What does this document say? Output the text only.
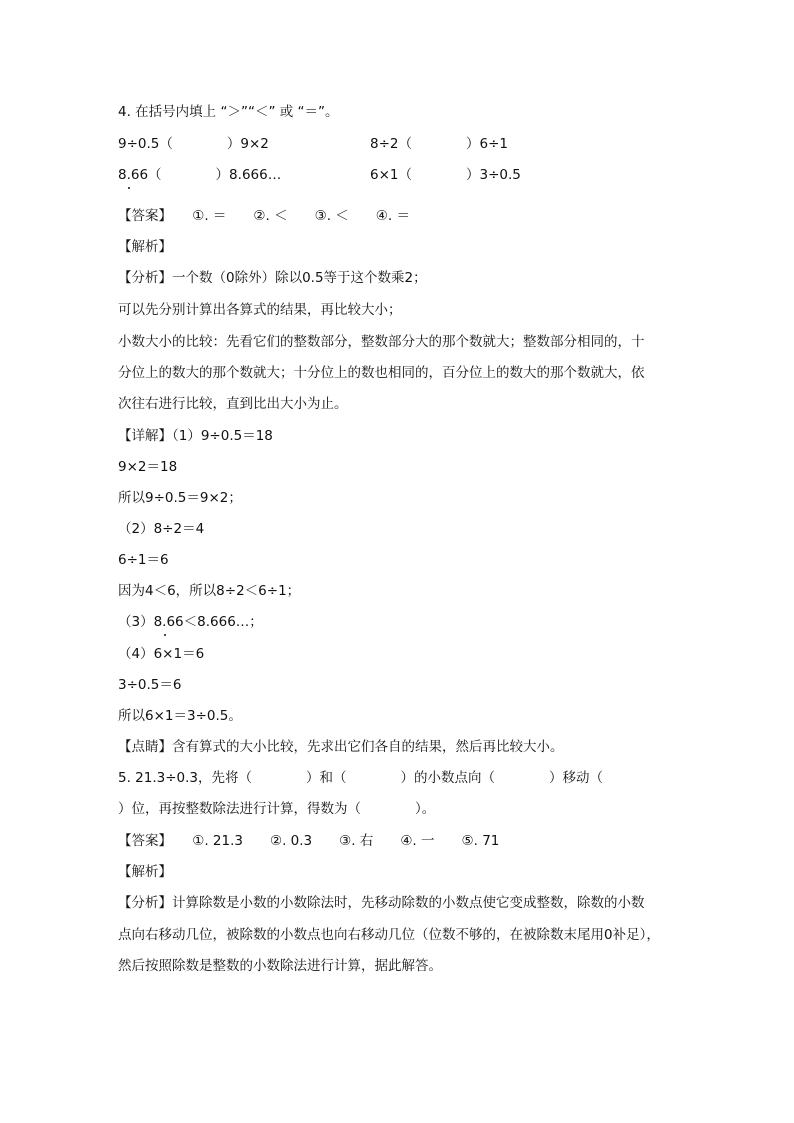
4. 在括号内填上 “＞”“＜” 或 “＝”。
9÷0.5（　　　　）9×2	8÷2（　　　　）6÷1
8.66（　　　　）8.666…	6×1（　　　　）3÷0.5
【答案】　　①. ＝　　②. ＜　　③. ＜　　④. ＝
【解析】
【分析】一个数（0除外）除以0.5等于这个数乘2；
可以先分别计算出各算式的结果，再比较大小；
小数大小的比较：先看它们的整数部分，整数部分大的那个数就大；整数部分相同的，十
分位上的数大的那个数就大；十分位上的数也相同的，百分位上的数大的那个数就大，依
次往右进行比较，直到比出大小为止。
【详解】（1）9÷0.5＝18
9×2＝18
所以9÷0.5＝9×2；
（2）8÷2＝4
6÷1＝6
因为4＜6，所以8÷2＜6÷1；
（3）8.66＜8.666…；
（4）6×1＝6
3÷0.5＝6
所以6×1＝3÷0.5。
【点睛】含有算式的大小比较，先求出它们各自的结果，然后再比较大小。
5. 21.3÷0.3，先将（　　　　）和（　　　　）的小数点向（　　　　）移动（
）位，再按整数除法进行计算，得数为（　　　　）。
【答案】　　①. 21.3　　②. 0.3　　③. 右　　④. 一　　⑤. 71
【解析】
【分析】计算除数是小数的小数除法时，先移动除数的小数点使它变成整数，除数的小数
点向右移动几位，被除数的小数点也向右移动几位（位数不够的，在被除数末尾用0补足），
然后按照除数是整数的小数除法进行计算，据此解答。
